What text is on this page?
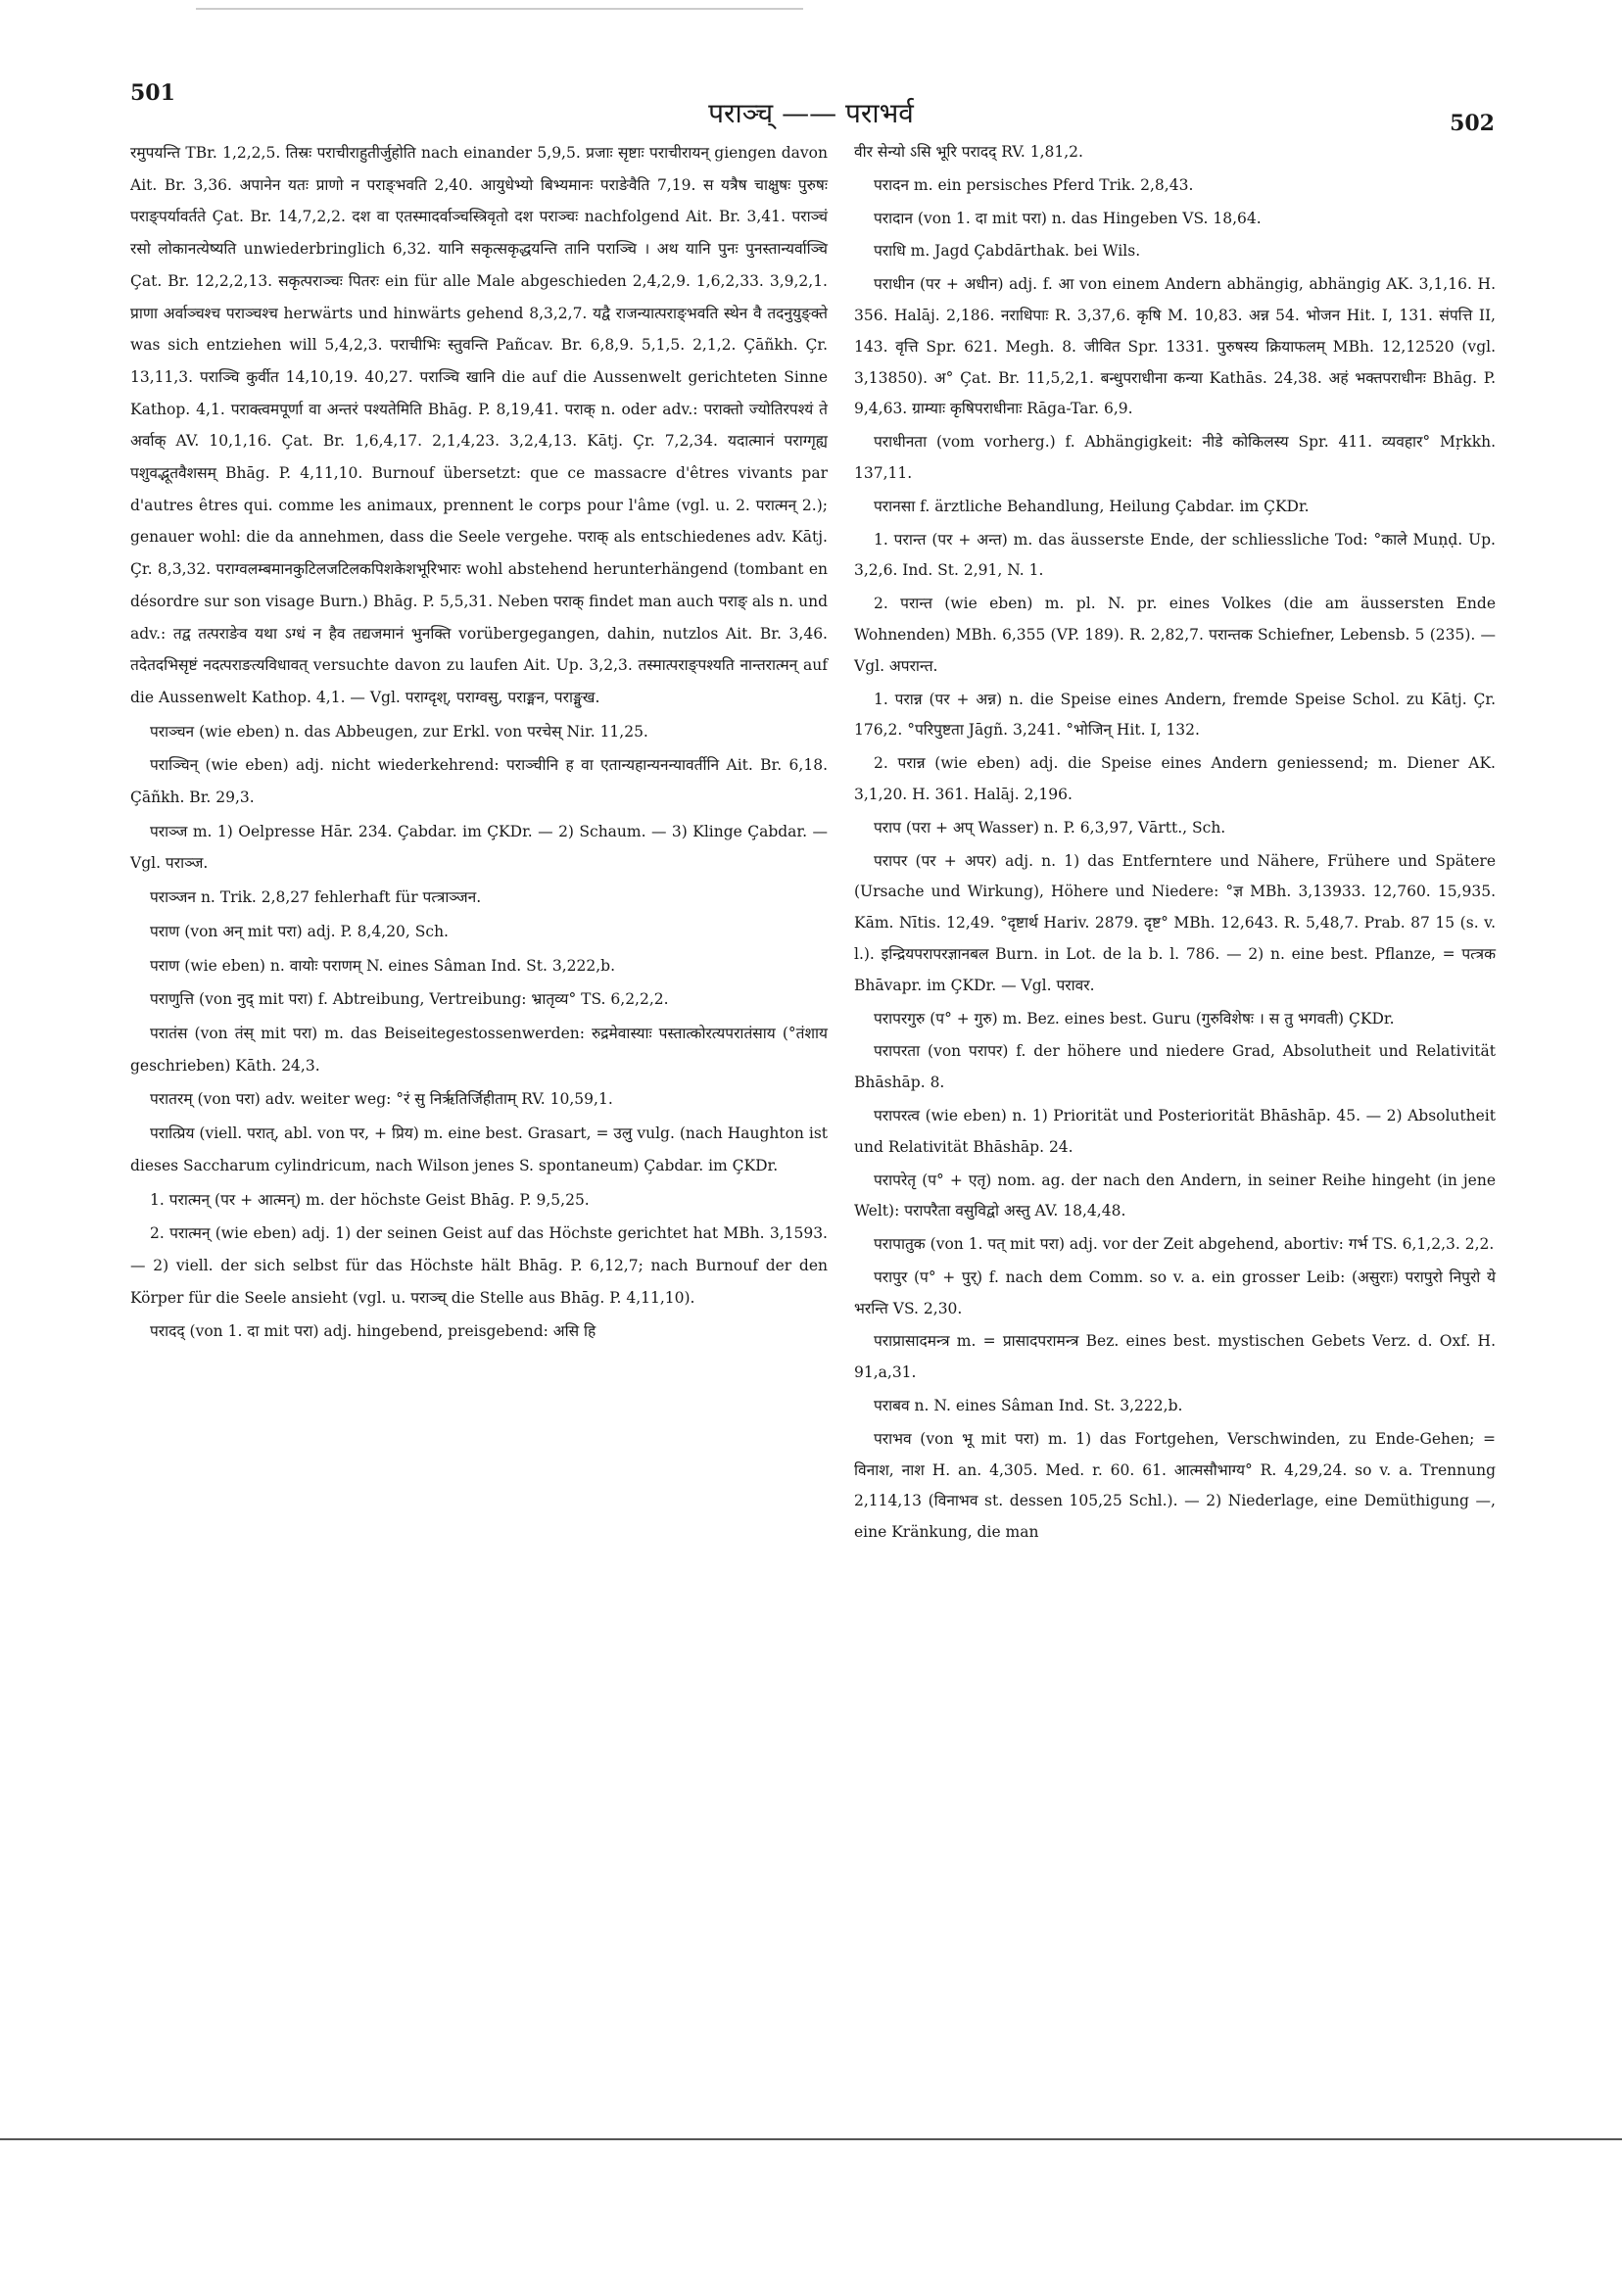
501
पराञ्च् —— पराभर्व	502

रमुपयन्ति TBr. 1,2,2,5. तिस्रः पराचीराहुतीर्जुहोति nach einander 5,9,5. प्रजाः सृष्टाः पराचीरायन् giengen davon Ait. Br. 3,36. अपानेन यतः प्राणो न पराङ्भवति 2,40. आयुधेभ्यो बिभ्यमानः पराङेवैति 7,19. स यत्रैष चाक्षुषः पुरुषः पराङ्पर्यावर्तते Çat. Br. 14,7,2,2. दश वा एतस्मादर्वाञ्चस्त्रिवृतो दश पराञ्चः nachfolgend Ait. Br. 3,41. पराञ्चं रसो लोकानत्येष्यति unwiederbringlich 6,32. यानि सकृत्सकृद्धयन्ति तानि पराञ्चि । अथ यानि पुनः पुनस्तान्यर्वाञ्चि Çat. Br. 12,2,2,13. सकृत्पराञ्चः पितरः ein für alle Male abgeschieden 2,4,2,9. 1,6,2,33. 3,9,2,1. प्राणा अर्वाञ्चश्च पराञ्चश्च herwärts und hinwärts gehend 8,3,2,7. यद्वै राजन्यात्पराङ्भवति स्थेन वै तदनुयुङ्क्ते was sich entziehen will 5,4,2,3. पराचीभिः स्तुवन्ति Pañcav. Br. 6,8,9. 5,1,5. 2,1,2. Çāñkh. Çr. 13,11,3. पराञ्चि कुर्वीत 14,10,19. 40,27. पराञ्चि खानि die auf die Aussenwelt gerichteten Sinne Kathop. 4,1. पराक्त्वमपूर्णा वा अन्तरं पश्यतेमिति Bhāg. P. 8,19,41. पराक् n. oder adv.: पराक्तो ज्योतिरपश्यं ते अर्वाक् AV. 10,1,16. Çat. Br. 1,6,4,17. 2,1,4,23. 3,2,4,13. Kātj. Çr. 7,2,34. यदात्मानं पराग्गृह्य पशुवद्भूतवैशसम् Bhāg. P. 4,11,10. Burnouf übersetzt: que ce massacre d'êtres vivants par d'autres êtres qui. comme les animaux, prennent le corps pour l'âme (vgl. u. 2. परात्मन् 2.); genauer wohl: die da annehmen, dass die Seele vergehe. पराक् als entschiedenes adv. Kātj. Çr. 8,3,32. पराग्वलम्बमानकुटिलजटिलकपिशकेशभूरिभारः wohl abstehend herunterhängend (tombant en désordre sur son visage Burn.) Bhāg. P. 5,5,31. Neben पराक् findet man auch पराङ् als n. und adv.: तद्व तत्पराङेव यथा ऽग्धं न हैव तद्यजमानं भुनक्ति vorübergegangen, dahin, nutzlos Ait. Br. 3,46. तदेतदभिसृष्टं नदत्पराङत्यविधावत् versuchte davon zu laufen Ait. Up. 3,2,3. तस्मात्पराङ्पश्यति नान्तरात्मन् auf die Aussenwelt Kathop. 4,1. — Vgl. पराग्दृश्, पराग्वसु, पराङ्मन, पराङ्मुख.

पराञ्चन (wie eben) n. das Abbeugen, zur Erkl. von परचेस् Nir. 11,25.

पराञ्चिन् (wie eben) adj. nicht wiederkehrend: पराञ्चीनि ह वा एतान्यहान्यनन्यावर्तीनि Ait. Br. 6,18. Çāñkh. Br. 29,3.

पराञ्ज m. 1) Oelpresse Hār. 234. Çabdar. im ÇKDr. — 2) Schaum. — 3) Klinge Çabdar. — Vgl. पराञ्ज.

पराञ्जन n. Trik. 2,8,27 fehlerhaft für पत्त्राञ्जन.

पराण (von अन् mit परा) adj. P. 8,4,20, Sch.

पराण (wie eben) n. वायोः पराणम् N. eines Sâman Ind. St. 3,222,b.

पराणुत्ति (von नुद् mit परा) f. Abtreibung, Vertreibung: भ्रातृव्य° TS. 6,2,2,2.

परातंस (von तंस् mit परा) m. das Beiseitegestossenwerden: रुद्रमेवास्याः पस्तात्कोरत्यपरातंसाय (°तंशाय geschrieben) Kāth. 24,3.

परातरम् (von परा) adv. weiter weg: °रं सु निर्ऋतिर्जिहीताम् RV. 10,59,1.

परात्प्रिय (viell. परात्, abl. von पर, + प्रिय) m. eine best. Grasart, = उलु vulg. (nach Haughton ist dieses Saccharum cylindricum, nach Wilson jenes S. spontaneum) Çabdar. im ÇKDr.

1. परात्मन् (पर + आत्मन्) m. der höchste Geist Bhāg. P. 9,5,25.

2. परात्मन् (wie eben) adj. 1) der seinen Geist auf das Höchste gerichtet hat MBh. 3,1593. — 2) viell. der sich selbst für das Höchste hält Bhāg. P. 6,12,7; nach Burnouf der den Körper für die Seele ansieht (vgl. u. पराञ्च् die Stelle aus Bhāg. P. 4,11,10).

परादद् (von 1. दा mit परा) adj. hingebend, preisgebend: असि हि

वीर सेन्यो ऽसि भूरि परादद् RV. 1,81,2.

परादन m. ein persisches Pferd Trik. 2,8,43.

परादान (von 1. दा mit परा) n. das Hingeben VS. 18,64.

पराधि m. Jagd Çabdārthak. bei Wils.

पराधीन (पर + अधीन) adj. f. आ von einem Andern abhängig, abhängig AK. 3,1,16. H. 356. Halāj. 2,186. नराधिपाः R. 3,37,6. कृषि M. 10,83. अन्न 54. भोजन Hit. I, 131. संपत्ति II, 143. वृत्ति Spr. 621. Megh. 8. जीवित Spr. 1331. पुरुषस्य क्रियाफलम् MBh. 12,12520 (vgl. 3,13850). अ° Çat. Br. 11,5,2,1. बन्धुपराधीना कन्या Kathās. 24,38. अहं भक्तपराधीनः Bhāg. P. 9,4,63. ग्राम्याः कृषिपराधीनाः Rāga-Tar. 6,9.

पराधीनता (vom vorherg.) f. Abhängigkeit: नीडे कोकिलस्य Spr. 411. व्यवहार° Mṛkkh. 137,11.

परानसा f. ärztliche Behandlung, Heilung Çabdar. im ÇKDr.

1. परान्त (पर + अन्त) m. das äusserste Ende, der schliessliche Tod: °काले Muṇḍ. Up. 3,2,6. Ind. St. 2,91, N. 1.

2. परान्त (wie eben) m. pl. N. pr. eines Volkes (die am äussersten Ende Wohnenden) MBh. 6,355 (VP. 189). R. 2,82,7. परान्तक Schiefner, Lebensb. 5 (235). — Vgl. अपरान्त.

1. परान्न (पर + अन्न) n. die Speise eines Andern, fremde Speise Schol. zu Kātj. Çr. 176,2. °परिपुष्टता Jāgñ. 3,241. °भोजिन् Hit. I, 132.

2. परान्न (wie eben) adj. die Speise eines Andern geniessend; m. Diener AK. 3,1,20. H. 361. Halāj. 2,196.

पराप (परा + अप् Wasser) n. P. 6,3,97, Vārtt., Sch.

परापर (पर + अपर) adj. n. 1) das Entferntere und Nähere, Frühere und Spätere (Ursache und Wirkung), Höhere und Niedere: °ज्ञ MBh. 3,13933. 12,760. 15,935. Kām. Nītis. 12,49. °दृष्टार्थ Hariv. 2879. दृष्ट° MBh. 12,643. R. 5,48,7. Prab. 87 15 (s. v. l.). इन्द्रियपरापरज्ञानबल Burn. in Lot. de la b. l. 786. — 2) n. eine best. Pflanze, = पत्त्रक Bhāvapr. im ÇKDr. — Vgl. परावर.

परापरगुरु (प° + गुरु) m. Bez. eines best. Guru (गुरुविशेषः । स तु भगवती) ÇKDr.

परापरता (von परापर) f. der höhere und niedere Grad, Absolutheit und Relativität Bhāshāp. 8.

परापरत्व (wie eben) n. 1) Priorität und Posteriorität Bhāshāp. 45. — 2) Absolutheit und Relativität Bhāshāp. 24.

परापरेतृ (प° + एतृ) nom. ag. der nach den Andern, in seiner Reihe hingeht (in jene Welt): परापरैता वसुविद्वो अस्तु AV. 18,4,48.

परापातुक (von 1. पत् mit परा) adj. vor der Zeit abgehend, abortiv: गर्भ TS. 6,1,2,3. 2,2.

परापुर (प° + पुर्) f. nach dem Comm. so v. a. ein grosser Leib: (असुराः) परापुरो निपुरो ये भरन्ति VS. 2,30.

पराप्रासादमन्त्र m. = प्रासादपरामन्त्र Bez. eines best. mystischen Gebets Verz. d. Oxf. H. 91,a,31.

पराबव n. N. eines Sâman Ind. St. 3,222,b.

पराभव (von भू mit परा) m. 1) das Fortgehen, Verschwinden, zu Ende-Gehen; = विनाश, नाश H. an. 4,305. Med. r. 60. 61. आत्मसौभाग्य° R. 4,29,24. so v. a. Trennung 2,114,13 (विनाभव st. dessen 105,25 Schl.). — 2) Niederlage, eine Demüthigung —, eine Kränkung, die man
